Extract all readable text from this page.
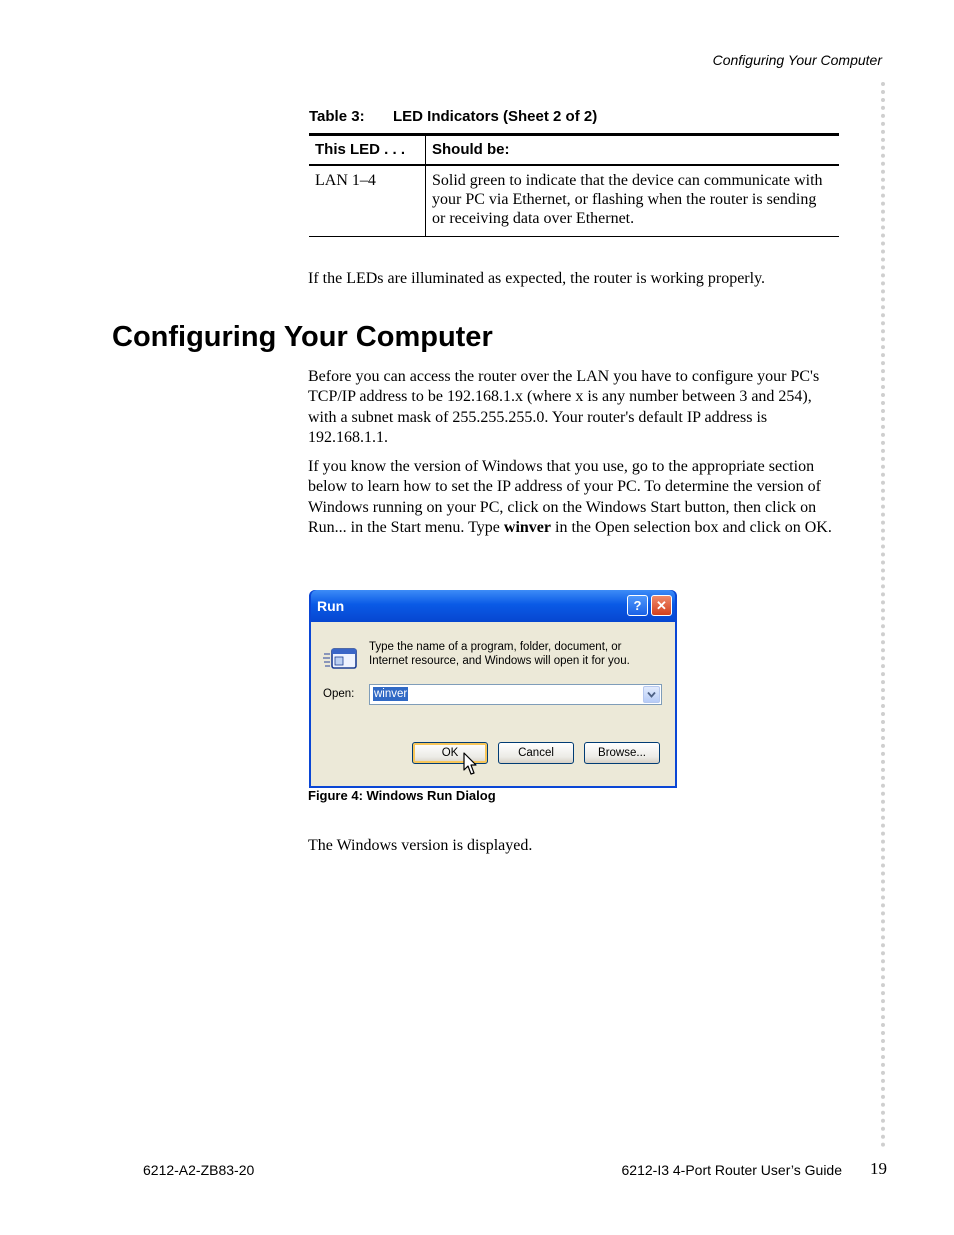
Configuring Your Computer
Table 3: LED Indicators (Sheet 2 of 2)
This LED . . .	Should be:
LAN 1–4	Solid green to indicate that the device can communicate with your PC via Ethernet, or flashing when the router is sending or receiving data over Ethernet.

If the LEDs are illuminated as expected, the router is working properly.

Configuring Your Computer

Before you can access the router over the LAN you have to configure your PC's TCP/IP address to be 192.168.1.x (where x is any number between 3 and 254), with a subnet mask of 255.255.255.0. Your router's default IP address is 192.168.1.1.

If you know the version of Windows that you use, go to the appropriate section below to learn how to set the IP address of your PC. To determine the version of Windows running on your PC, click on the Windows Start button, then click on Run... in the Start menu. Type winver in the Open selection box and click on OK.

Run	?	✕
Type the name of a program, folder, document, or Internet resource, and Windows will open it for you.
Open: winver
OK	Cancel	Browse...
Figure 4: Windows Run Dialog

The Windows version is displayed.

6212-A2-ZB83-20	6212-I3 4-Port Router User’s Guide 19
